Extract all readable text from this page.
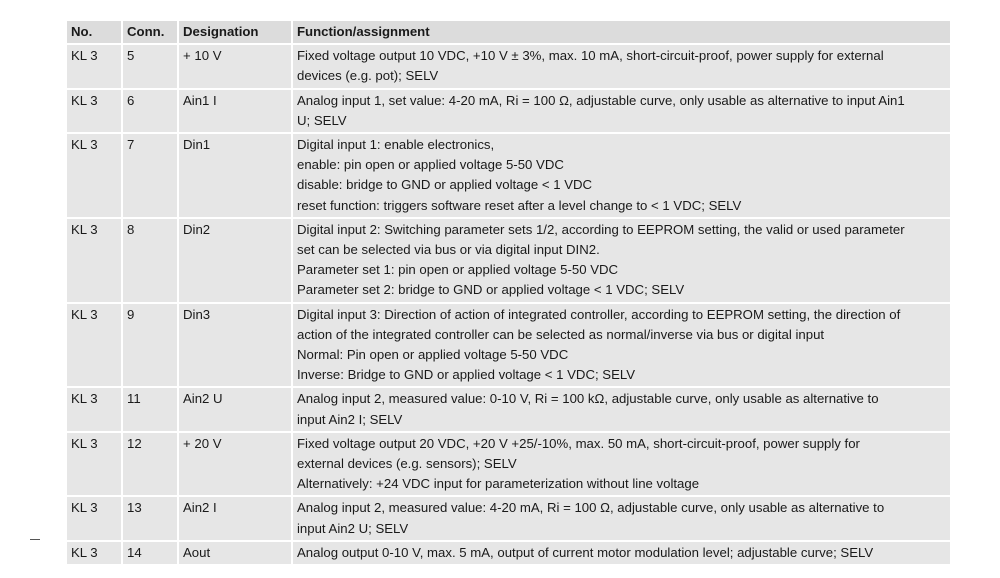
No.	Conn.	Designation	Function/assignment
KL 3	5	+ 10 V	Fixed voltage output 10 VDC, +10 V ± 3%, max. 10 mA, short-circuit-proof, power supply for external
devices (e.g. pot); SELV

KL 3	6	Ain1 I	Analog input 1, set value: 4-20 mA, Ri = 100 Ω, adjustable curve, only usable as alternative to input Ain1
U; SELV

KL 3	7	Din1	Digital input 1: enable electronics,
enable: pin open or applied voltage 5-50 VDC
disable: bridge to GND or applied voltage < 1 VDC
reset function: triggers software reset after a level change to < 1 VDC; SELV

KL 3	8	Din2	Digital input 2: Switching parameter sets 1/2, according to EEPROM setting, the valid or used parameter
set can be selected via bus or via digital input DIN2.
Parameter set 1: pin open or applied voltage 5-50 VDC
Parameter set 2: bridge to GND or applied voltage < 1 VDC; SELV

KL 3	9	Din3	Digital input 3: Direction of action of integrated controller, according to EEPROM setting, the direction of
action of the integrated controller can be selected as normal/inverse via bus or digital input
Normal: Pin open or applied voltage 5-50 VDC
Inverse: Bridge to GND or applied voltage < 1 VDC; SELV

KL 3	11	Ain2 U	Analog input 2, measured value: 0-10 V, Ri = 100 kΩ, adjustable curve, only usable as alternative to
input Ain2 I; SELV

KL 3	12	+ 20 V	Fixed voltage output 20 VDC, +20 V +25/-10%, max. 50 mA, short-circuit-proof, power supply for
external devices (e.g. sensors); SELV
Alternatively: +24 VDC input for parameterization without line voltage

KL 3	13	Ain2 I	Analog input 2, measured value: 4-20 mA, Ri = 100 Ω, adjustable curve, only usable as alternative to
input Ain2 U; SELV

KL 3	14	Aout	Analog output 0-10 V, max. 5 mA, output of current motor modulation level; adjustable curve; SELV
